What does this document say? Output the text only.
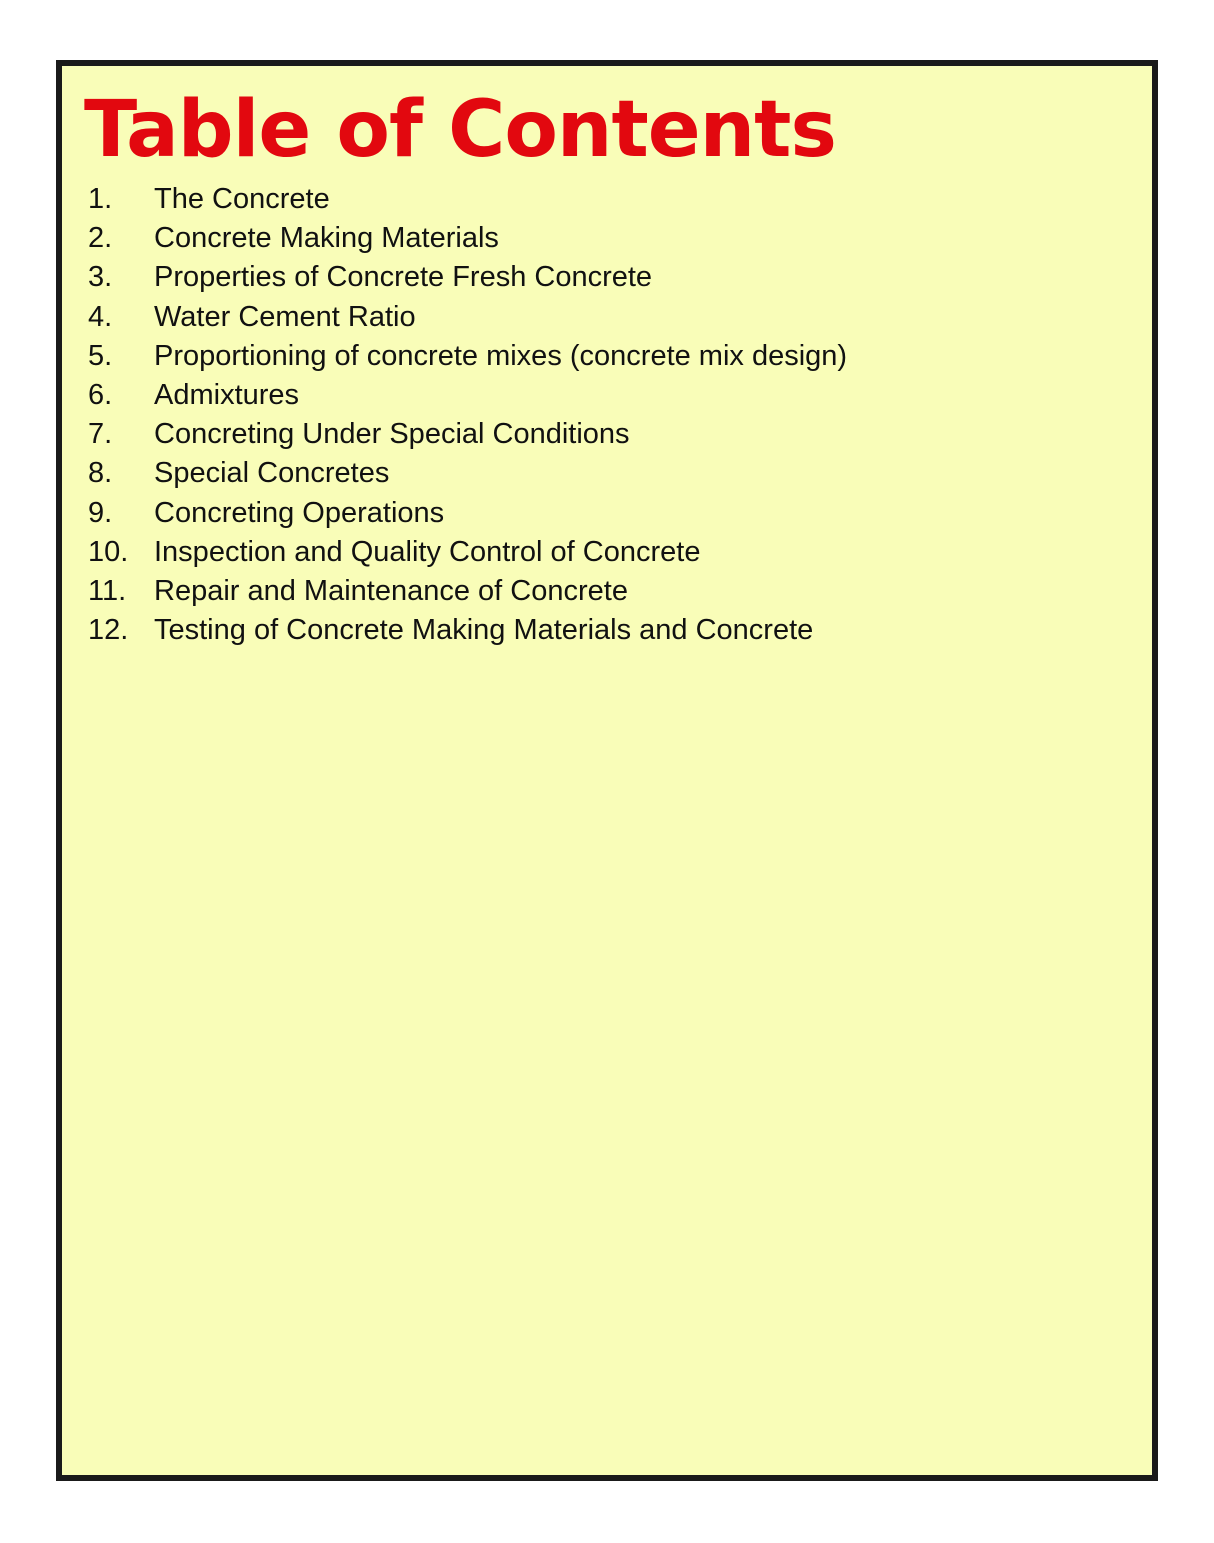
Table of Contents
1.	The Concrete
2.	Concrete Making Materials
3.	Properties of Concrete Fresh Concrete
4.	Water Cement Ratio
5.	Proportioning of concrete mixes (concrete mix design)
6.	Admixtures
7.	Concreting Under Special Conditions
8.	Special Concretes
9.	Concreting Operations
10. Inspection and Quality Control of Concrete
11. Repair and Maintenance of Concrete
12. Testing of Concrete Making Materials and Concrete
